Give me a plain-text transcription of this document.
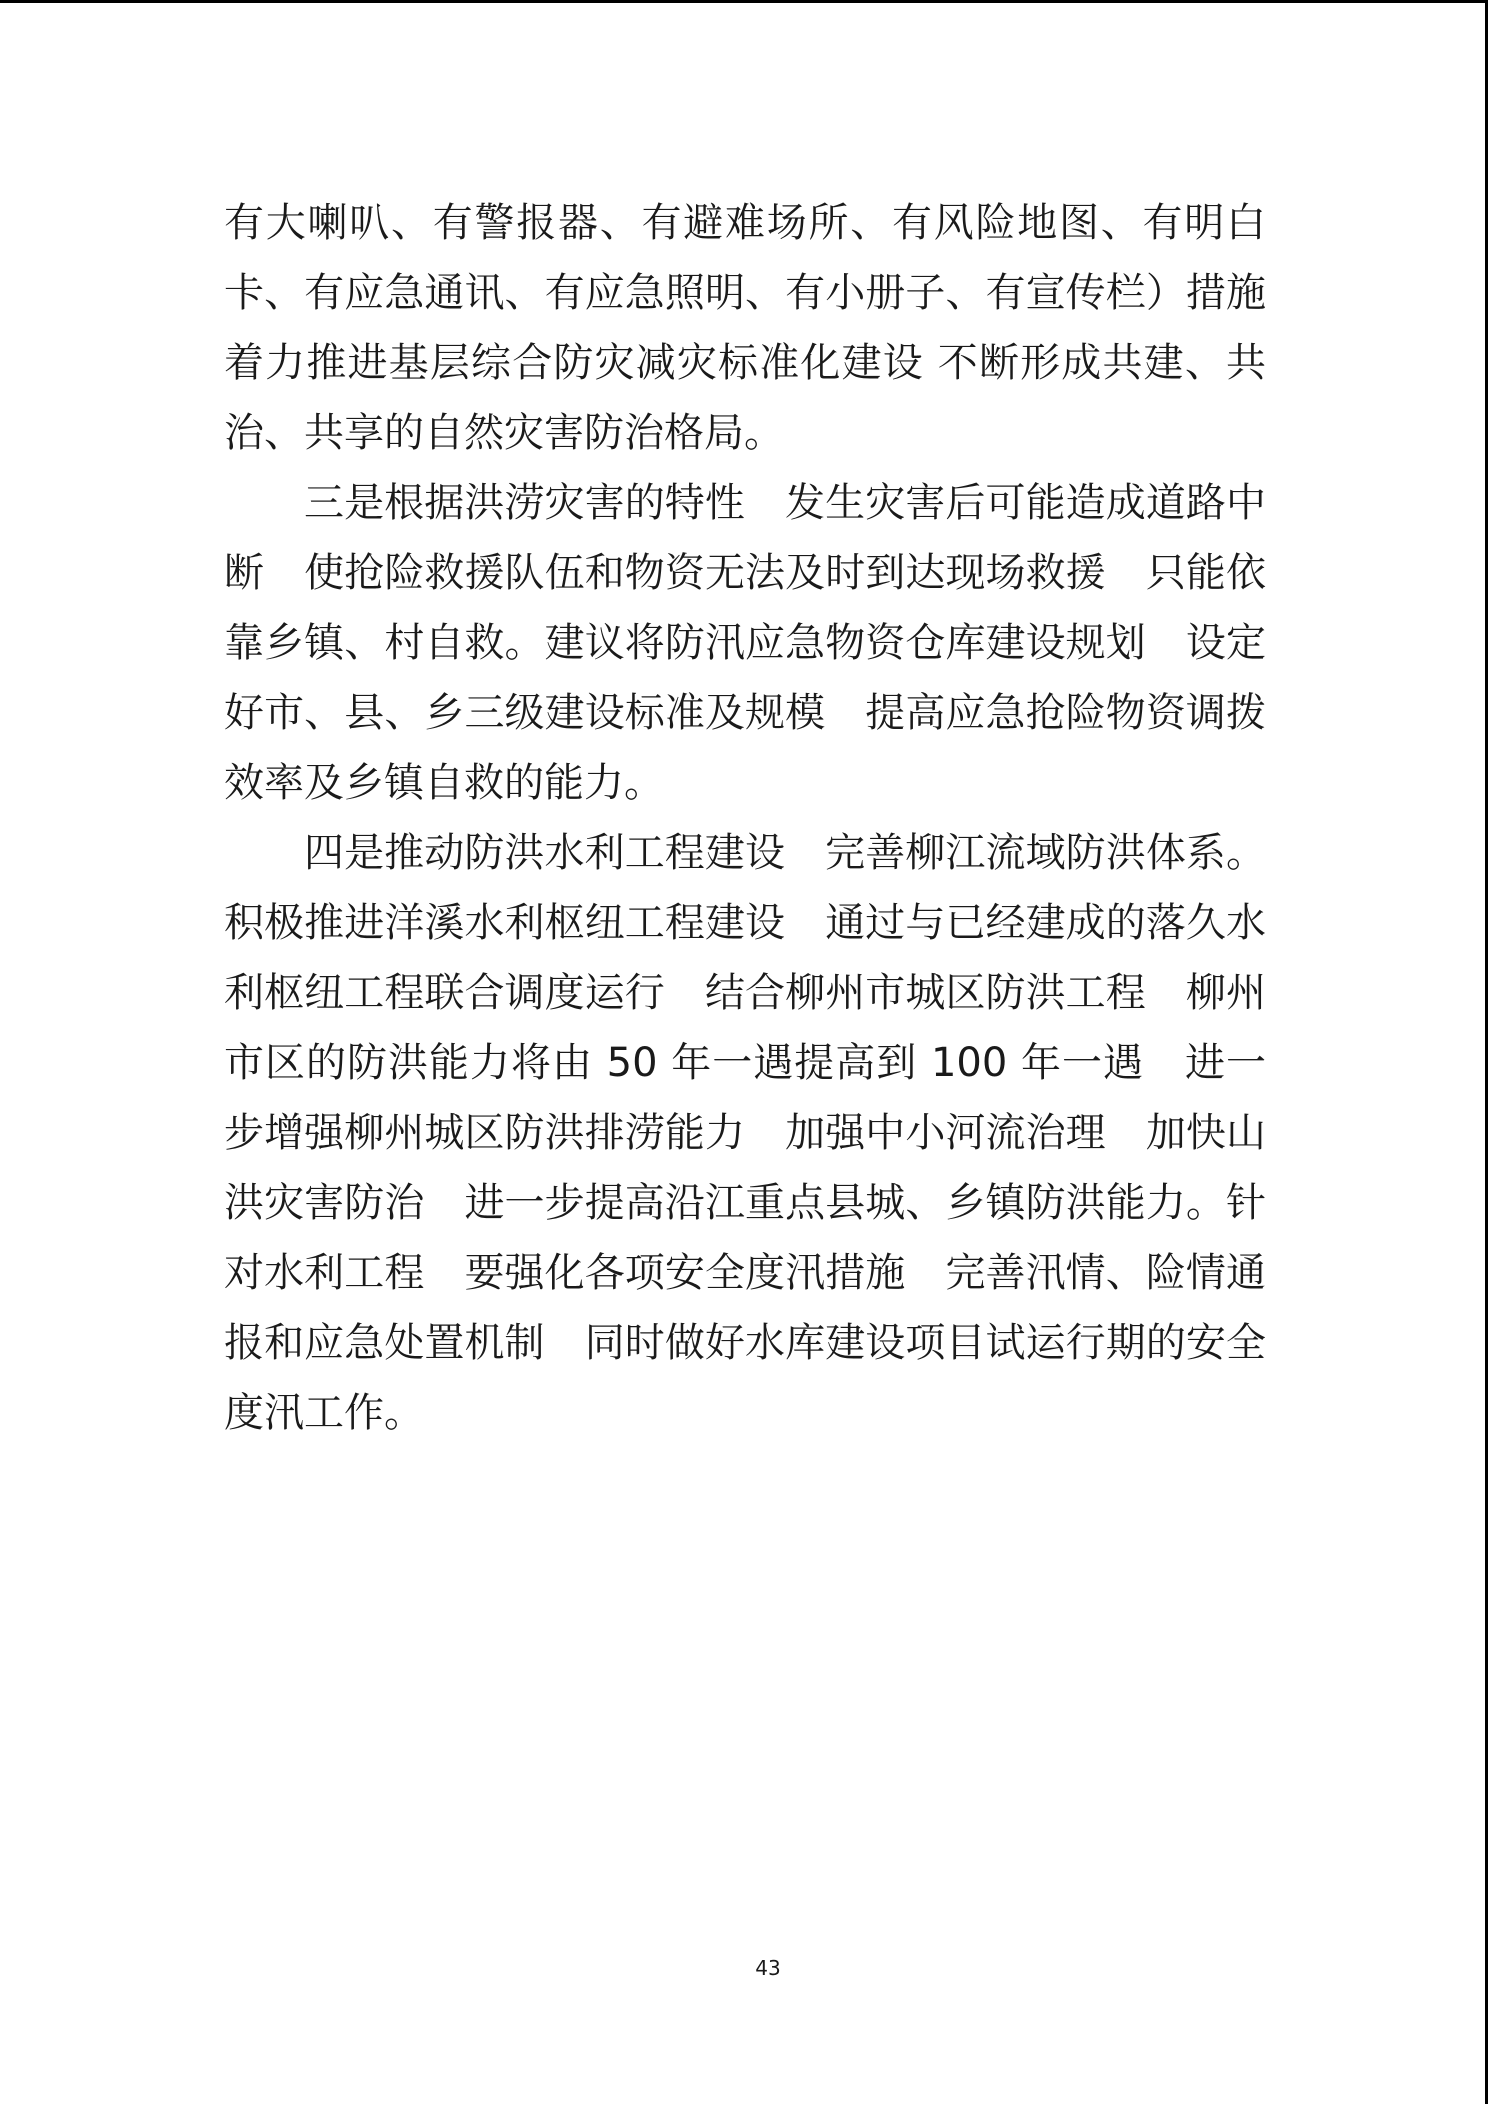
有大喇叭、有警报器、有避难场所、有风险地图、有明白卡、有应急通讯、有应急照明、有小册子、有宣传栏）措施　着力推进基层综合防灾减灾标准化建设 不断形成共建、共治、共享的自然灾害防治格局。

三是根据洪涝灾害的特性　发生灾害后可能造成道路中断　使抢险救援队伍和物资无法及时到达现场救援　只能依靠乡镇、村自救。建议将防汛应急物资仓库建设规划　设定好市、县、乡三级建设标准及规模　提高应急抢险物资调拨效率及乡镇自救的能力。

四是推动防洪水利工程建设　完善柳江流域防洪体系。积极推进洋溪水利枢纽工程建设　通过与已经建成的落久水利枢纽工程联合调度运行　结合柳州市城区防洪工程　柳州市区的防洪能力将由 50 年一遇提高到 100 年一遇　进一步增强柳州城区防洪排涝能力　加强中小河流治理　加快山洪灾害防治　进一步提高沿江重点县城、乡镇防洪能力。针对水利工程　要强化各项安全度汛措施　完善汛情、险情通报和应急处置机制　同时做好水库建设项目试运行期的安全度汛工作。

43
